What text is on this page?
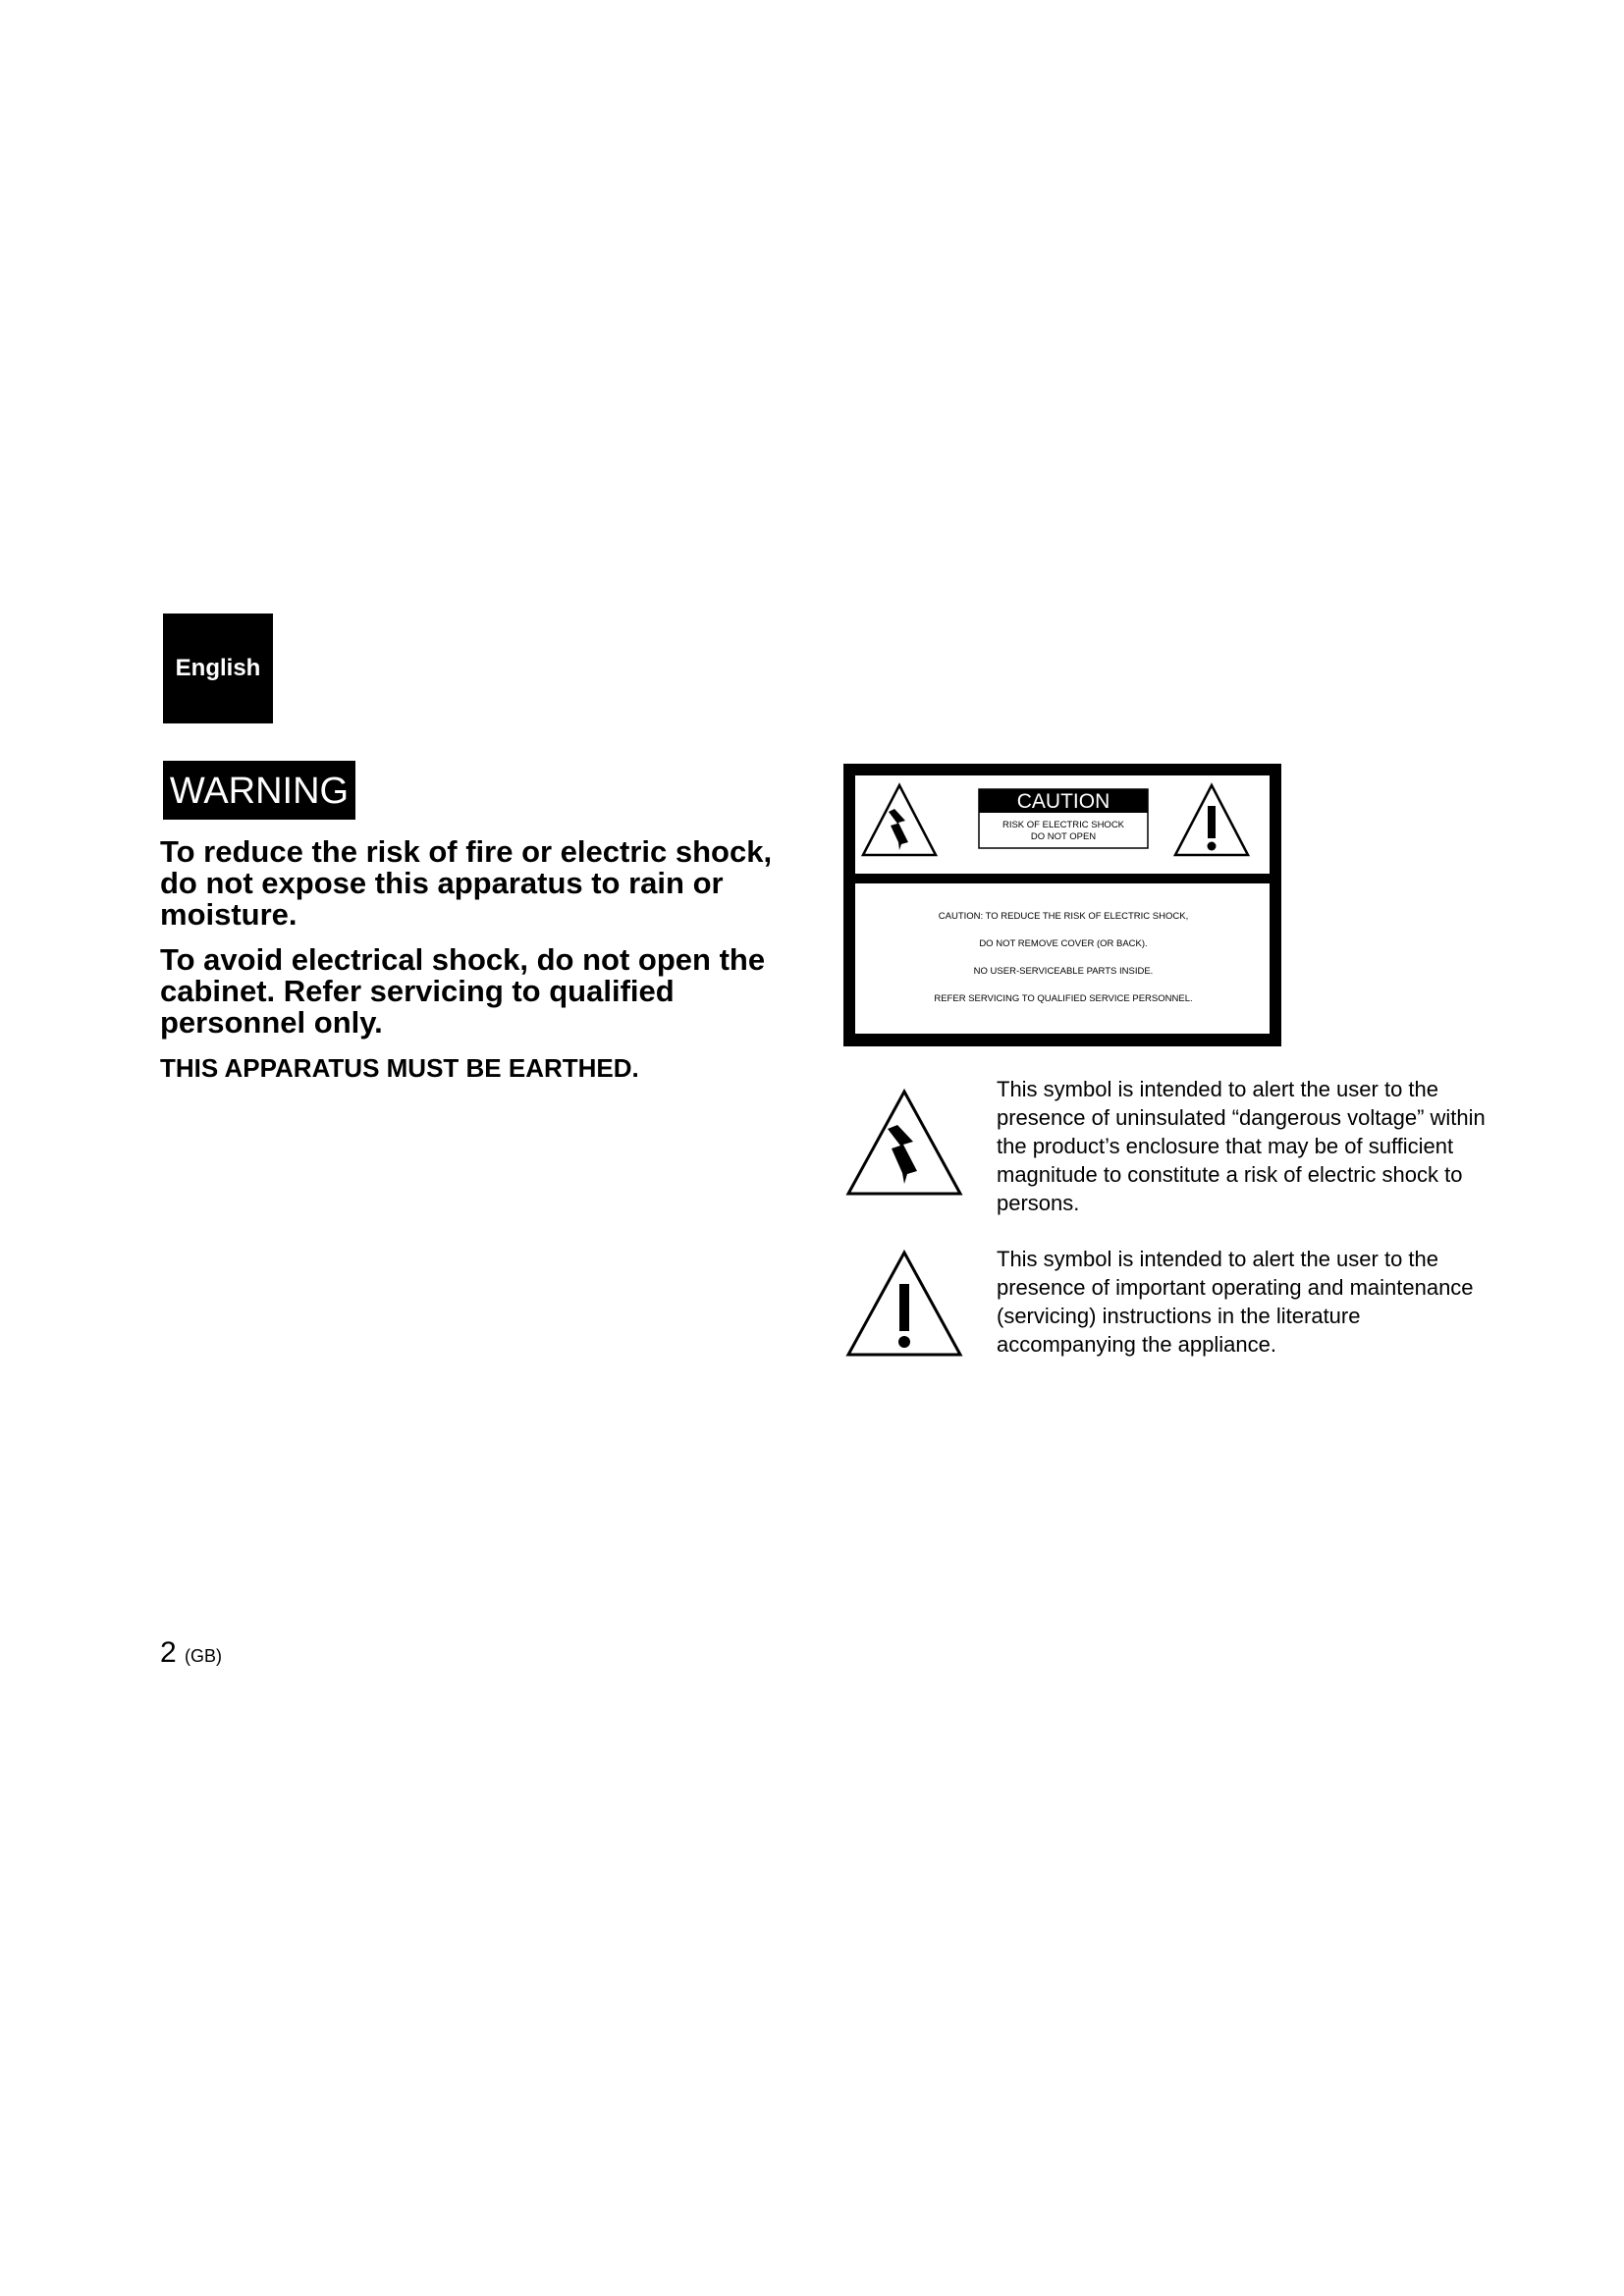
English
WARNING

To reduce the risk of fire or electric shock, do not expose this apparatus to rain or moisture.

To avoid electrical shock, do not open the cabinet. Refer servicing to qualified personnel only.

THIS APPARATUS MUST BE EARTHED.

CAUTION
RISK OF ELECTRIC SHOCK
DO NOT OPEN
CAUTION: TO REDUCE THE RISK OF ELECTRIC SHOCK,
DO NOT REMOVE COVER (OR BACK).
NO USER-SERVICEABLE PARTS INSIDE.
REFER SERVICING TO QUALIFIED SERVICE PERSONNEL.

This symbol is intended to alert the user to the presence of uninsulated “dangerous voltage” within the product’s enclosure that may be of sufficient magnitude to constitute a risk of electric shock to persons.

This symbol is intended to alert the user to the presence of important operating and maintenance (servicing) instructions in the literature accompanying the appliance.

2 (GB)
